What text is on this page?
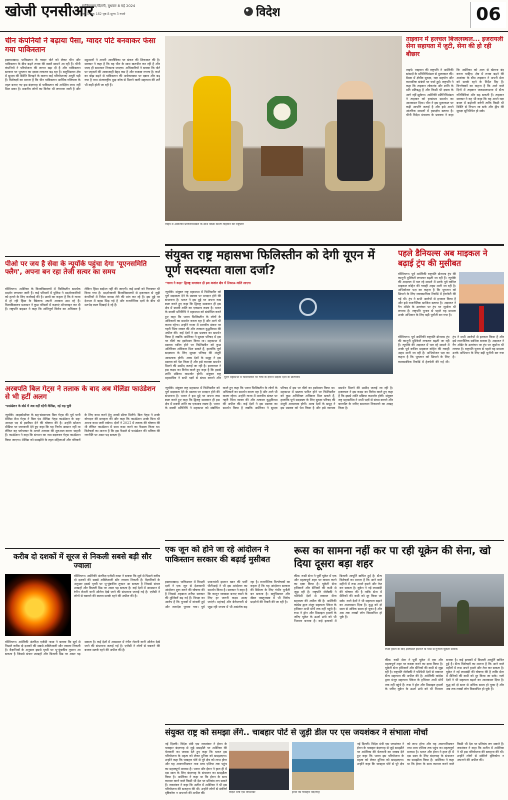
खोजी एनसीआर
गाजियाबाद/दिल्ली, बुधवार 8 मई 2024
वर्ष 3 अंक 182 पृष्ठ 8 मूल्य 3 रुपये	विदेश	06
चीन कंपनियों ने बढ़ाया पैसा, ग्वादर पोर्ट बनवाकर फंसा गया पाकिस्तान
इस्लामाबाद। पाकिस्तान के ग्वादर पोर्ट को लेकर चीन और पाकिस्तान के बीच बढ़ते तनाव की खबरें सामने आ रही हैं। चीनी कंपनियों ने परियोजना की लागत बढ़ा दी है और पाकिस्तान सरकार पर भुगतान का दबाव लगातार बढ़ रहा है। बलूचिस्तान क्षेत्र में सुरक्षा की स्थिति बिगड़ने के कारण कई परियोजनाएं अधूरी पड़ी हैं। विशेषज्ञों का मानना है कि चीन पाकिस्तान आर्थिक गलियारा के तहत बनाए गए इस बंदरगाह से पाकिस्तान को अपेक्षित लाभ नहीं मिल सका है। स्थानीय लोगों का विरोध भी लगातार जारी है और मछुआरों ने अपनी आजीविका पर संकट की शिकायत की है। सरकार ने कहा है कि वह चीन के साथ बातचीत कर रही है और जल्द ही समाधान निकाला जाएगा। अधिकारियों ने बताया कि पोर्ट पर जहाजों की आवाजाही बेहद कम है और राजस्व नगण्य है। कर्ज का बोझ बढ़ने से पाकिस्तान की अर्थव्यवस्था पर दबाव और बढ़ गया है तथा अंतरराष्ट्रीय मुद्रा कोष से मिलने वाली सहायता की शर्तें भी कड़ी होती जा रही हैं।
पीओ पर जय है सेवा के न्यूयॉर्क पहुंचा देगा 'यूएनसमिति फ्लैग', अपना बन रहा तेजी सत्यर का समय
वॉशिंगटन। अमेरिका के विश्वविद्यालयों में फिलिस्तीन समर्थक प्रदर्शन लगातार जारी हैं। कई परिसरों में पुलिस ने प्रदर्शनकारियों को हटाने के लिए कार्रवाई की है। छात्रों का कहना है कि वे गाजा में हो रही हिंसा के खिलाफ अपनी आवाज उठा रहे हैं। विश्वविद्यालय प्रशासन ने कुछ परिसरों में कक्षाएं ऑनलाइन कर दी हैं। राष्ट्रपति बाइडन ने कहा कि शांतिपूर्ण विरोध का अधिकार है लेकिन हिंसा बर्दाश्त नहीं की जाएगी। कई छात्रों को गिरफ्तार भी किया गया है। प्रदर्शनकारी विश्वविद्यालयों से इजरायल से जुड़ी कंपनियों में निवेश वापस लेने की मांग कर रहे हैं। इस मुद्दे पर देशभर में बहस छिड़ गई है और राजनीतिक दलों के बीच भी मतभेद स्पष्ट दिखाई दे रहे हैं।
अरबपति बिल गेट्स ने तलाक के बाद अब मेलिंडा फाउंडेशन से भी हटीं अलग
-फाउंडेशन के बोर्ड में अब नहीं रहेंगी मेलिंडा, नई राह चुनी
न्यूयॉर्क। माइक्रोसॉफ्ट के सह-संस्थापक बिल गेट्स की पूर्व पत्नी मेलिंडा फ्रेंच गेट्स ने बिल एंड मेलिंडा गेट्स फाउंडेशन के सह-अध्यक्ष पद से इस्तीफा देने की घोषणा की है। उन्होंने सोशल मीडिया पर जानकारी देते हुए कहा कि यह निर्णय आसान नहीं था लेकिन वह परोपकार के अगले अध्याय की शुरुआत करना चाहती हैं। फाउंडेशन ने कहा कि संगठन का नाम बदलकर गेट्स फाउंडेशन किया जाएगा। मेलिंडा को समझौते के तहत महिलाओं और परिवारों के लिए काम करने हेतु अरबों डॉलर मिलेंगे। बिल गेट्स ने उनके योगदान की सराहना की और कहा कि फाउंडेशन उनके बिना भी अपना काम जारी रखेगा। दोनों ने 2021 में तलाक की घोषणा की थी लेकिन फाउंडेशन में साथ काम करने का फैसला किया था। विशेषज्ञों का मानना है कि इस फैसले से फाउंडेशन की भविष्य की रणनीति पर असर पड़ सकता है।
करीब दो दशकों में सूरज से निकली सबसे बड़ी सौर ज्वाला
वॉशिंगटन। अमेरिकी अंतरिक्ष एजेंसी नासा ने बताया कि सूर्य से पिछले करीब दो दशकों की सबसे शक्तिशाली सौर ज्वाला निकली है। वैज्ञानिकों के अनुसार इससे पृथ्वी पर भू-चुंबकीय तूफान आ सकता है जिससे संचार उपग्रहों और बिजली ग्रिड पर असर पड़ सकता है। कई देशों में आसमान में रंगीन रोशनी यानी ऑरोरा देखे जाने की संभावना जताई गई है। एजेंसी ने लोगों से घबराने की बजाय सतर्क रहने की अपील की है।
वॉशिंगटन। अमेरिकी अंतरिक्ष एजेंसी नासा ने बताया कि सूर्य से पिछले करीब दो दशकों की सबसे शक्तिशाली सौर ज्वाला निकली है। वैज्ञानिकों के अनुसार इससे पृथ्वी पर भू-चुंबकीय तूफान आ सकता है जिससे संचार उपग्रहों और बिजली ग्रिड पर असर पड़ सकता है। कई देशों में आसमान में रंगीन रोशनी यानी ऑरोरा देखे जाने की संभावना जताई गई है। एजेंसी ने लोगों से घबराने की बजाय सतर्क रहने की अपील की है।
ताइपे में अमेरिकी प्रतिनिधिमंडल के साथ बैठक करतीं ताइवान की राष्ट्रपति
ताइवान में हलचल बिजलस्थल... इजरायली सेना सहायता में जुटी, सेना की हो रही बौछार
ताइपे। ताइवान की राष्ट्रपति ने अमेरिकी सांसदों के प्रतिनिधिमंडल से मुलाकात की। बैठक में क्षेत्रीय सुरक्षा, रक्षा सहयोग और व्यापारिक संबंधों पर चर्चा हुई। राष्ट्रपति ने कहा कि ताइवान लोकतंत्र और शांति के प्रति प्रतिबद्ध है और किसी भी दबाव के आगे नहीं झुकेगा। अमेरिकी प्रतिनिधिमंडल ने ताइवान को हरसंभव समर्थन का आश्वासन दिया। चीन ने इस मुलाकात पर कड़ी आपत्ति जताई है और इसे अपने आंतरिक मामलों में हस्तक्षेप बताया है। चीनी विदेश मंत्रालय के प्रवक्ता ने कहा कि अमेरिका को आग से खेलना बंद करना चाहिए। क्षेत्र में तनाव बढ़ने की आशंका के बीच ताइवान ने अपनी सेना को सतर्क रहने के निर्देश दिए हैं। विश्लेषकों का कहना है कि आने वाले दिनों में ताइवान जलडमरूमध्य में सैन्य गतिविधियां और बढ़ सकती हैं। ताइवान सरकार ने यह भी कहा कि वह अपने रक्षा बजट में बढ़ोतरी करेगी ताकि किसी भी स्थिति से निपटा जा सके और द्वीप की सुरक्षा सुनिश्चित हो सके।
संयुक्त राष्ट्र महासभा फिलिस्तीन को देगी यूएन में पूर्ण सदस्यता वाला दर्जा?
-भारत ने कहा- द्विराष्ट्र समाधान ही इस अशांत क्षेत्र में टिकाऊ शांति लाएगा
न्यूयॉर्क। संयुक्त राष्ट्र महासभा में फिलिस्तीन को पूर्ण सदस्यता देने के प्रस्ताव पर मतदान होने की संभावना है। भारत ने इस मुद्दे पर अपना रुख स्पष्ट करते हुए कहा कि द्विराष्ट्र समाधान ही इस क्षेत्र में स्थायी शांति का एकमात्र रास्ता है। भारत के स्थायी प्रतिनिधि ने महासभा को संबोधित करते हुए कहा कि भारत फिलिस्तीन के लोगों के अधिकारों का समर्थन करता रहा है और आगे भी करता रहेगा। उन्होंने गाजा में मानवीय संकट पर गहरी चिंता व्यक्त की और तत्काल युद्धविराम की अपील की। कई देशों ने इस प्रस्ताव का समर्थन किया है जबकि अमेरिका ने सुरक्षा परिषद में इस पर वीटो का इस्तेमाल किया था। महासभा में प्रस्ताव पारित होने पर फिलिस्तीन को कुछ अतिरिक्त अधिकार मिल सकते हैं, हालांकि पूर्ण सदस्यता के लिए सुरक्षा परिषद की मंजूरी आवश्यक होगी। अरब देशों के समूह ने इस प्रस्ताव को पेश किया है और इसे व्यापक समर्थन मिलने की उम्मीद जताई जा रही है। इजरायल ने इस कदम का विरोध करते हुए कहा है कि इससे शांति प्रक्रिया कमजोर होगी। संयुक्त राष्ट्र महासचिव ने सभी पक्षों से संयम बरतने और यूएन महासभा में फिलिस्तीन पर चर्चा के दौरान सदस्य देशों के प्रतिनिधि
न्यूयॉर्क। संयुक्त राष्ट्र महासभा में फिलिस्तीन को पूर्ण सदस्यता देने के प्रस्ताव पर मतदान होने की संभावना है। भारत ने इस मुद्दे पर अपना रुख स्पष्ट करते हुए कहा कि द्विराष्ट्र समाधान ही इस क्षेत्र में स्थायी शांति का एकमात्र रास्ता है। भारत के स्थायी प्रतिनिधि ने महासभा को संबोधित करते हुए कहा कि भारत फिलिस्तीन के लोगों के अधिकारों का समर्थन करता रहा है और आगे भी करता रहेगा। उन्होंने गाजा में मानवीय संकट पर गहरी चिंता व्यक्त की और तत्काल युद्धविराम की अपील की। कई देशों ने इस प्रस्ताव का समर्थन किया है जबकि अमेरिका ने सुरक्षा परिषद में इस पर वीटो का इस्तेमाल किया था। महासभा में प्रस्ताव पारित होने पर फिलिस्तीन को कुछ अतिरिक्त अधिकार मिल सकते हैं, हालांकि पूर्ण सदस्यता के लिए सुरक्षा परिषद की मंजूरी आवश्यक होगी। अरब देशों के समूह ने इस प्रस्ताव को पेश किया है और इसे व्यापक समर्थन मिलने की उम्मीद जताई जा रही है। इजरायल ने इस कदम का विरोध करते हुए कहा है कि इससे शांति प्रक्रिया कमजोर होगी। संयुक्त राष्ट्र महासचिव ने सभी पक्षों से संयम बरतने और बातचीत के जरिए समाधान निकालने का आग्रह किया है।
पहले डैनियल्स अब माइकल ने बढ़ाई ट्रंप की मुसीबत
वॉशिंगटन। पूर्व अमेरिकी राष्ट्रपति डोनाल्ड ट्रंप की कानूनी मुश्किलें लगातार बढ़ती जा रही हैं। न्यूयॉर्क की अदालत में चल रहे मामले में उनके पूर्व वकील माइकल कोहेन की गवाही अहम मानी जा रही है। अभियोजन पक्ष का कहना है कि भुगतान को छिपाने के लिए व्यावसायिक रिकॉर्ड में हेराफेरी की गई थी। ट्रंप ने सभी आरोपों से इनकार किया है और इसे राजनीतिक साजिश बताया है। अदालत ने गैग ऑर्डर के उल्लंघन पर ट्रंप पर जुर्माना भी लगाया है। राष्ट्रपति चुनाव से पहले यह मामला उनके अभियान के लिए बड़ी चुनौती बन गया है।
वॉशिंगटन। पूर्व अमेरिकी राष्ट्रपति डोनाल्ड ट्रंप की कानूनी मुश्किलें लगातार बढ़ती जा रही हैं। न्यूयॉर्क की अदालत में चल रहे मामले में उनके पूर्व वकील माइकल कोहेन की गवाही अहम मानी जा रही है। अभियोजन पक्ष का कहना है कि भुगतान को छिपाने के लिए व्यावसायिक रिकॉर्ड में हेराफेरी की गई थी। ट्रंप ने सभी आरोपों से इनकार किया है और इसे राजनीतिक साजिश बताया है। अदालत ने गैग ऑर्डर के उल्लंघन पर ट्रंप पर जुर्माना भी लगाया है। राष्ट्रपति चुनाव से पहले यह मामला उनके अभियान के लिए बड़ी चुनौती बन गया है।
एक जून को होने जा रहे आंदोलन ने पाकिस्तान सरकार की बढ़ाई मुसीबत
इस्लामाबाद। पाकिस्तान में विपक्षी दलों ने एक जून से देशव्यापी आंदोलन शुरू करने की घोषणा की है जिससे शहबाज शरीफ सरकार की मुश्किलें बढ़ गई हैं। विपक्ष का आरोप है कि चुनावों में धांधली हुई और जनादेश चुराया गया। पूर्व प्रधानमंत्री इमरान खान की पार्टी पीटीआई ने भी इस आंदोलन का समर्थन किया है। सरकार ने कहा है कि कानून व्यवस्था बनाए रखने के लिए हर जरूरी कदम उठाए जाएंगे। महंगाई और बेरोजगारी से जूझ रही जनता में भी असंतोष बढ़ रहा है। राजनीतिक विश्लेषकों का कहना है कि यह आंदोलन सरकार की स्थिरता के लिए गंभीर चुनौती बन सकता है। बलूचिस्तान और खैबर पख्तूनख्वा में भी विरोध प्रदर्शनों की तैयारी की जा रही है।
रूस का सामना नहीं कर पा रही यूक्रेन की सेना, खो दिया दूसरा बड़ा शहर
कीव। रूसी सेना ने पूर्वी यूक्रेन में एक और महत्वपूर्ण शहर पर कब्जा करने का दावा किया है। यूक्रेनी सेना हथियारों और सैनिकों की कमी से जूझ रही है। राष्ट्रपति जेलेंस्की ने पश्चिमी देशों से तत्काल सैन्य सहायता की अपील की है। अमेरिकी कांग्रेस द्वारा मंजूर सहायता पैकेज के हथियार अभी मोर्चे तक नहीं पहुंचे हैं। रूस ने ड्रोन और मिसाइल हमलों के जरिए यूक्रेन के ऊर्जा ढांचे को भी निशाना बनाया है। कई इलाकों में बिजली आपूर्ति बाधित हुई है। सैन्य विशेषज्ञों का मानना है कि आने वाले महीनों में रूस अपने हमले और तेज कर सकता है। यूक्रेन ने नई लामबंदी की घोषणा की है ताकि सेना में सैनिकों की कमी को दूर किया जा सके। नाटो देशों ने भी सहायता बढ़ाने का आश्वासन दिया है। युद्ध को दो साल से अधिक समय हो चुका है और अब तक लाखों लोग विस्थापित हो चुके हैं।
रूसी हमले के बाद क्षतिग्रस्त इमारत के पास से गुजरते यूक्रेनी सैनिक
कीव। रूसी सेना ने पूर्वी यूक्रेन में एक और महत्वपूर्ण शहर पर कब्जा करने का दावा किया है। यूक्रेनी सेना हथियारों और सैनिकों की कमी से जूझ रही है। राष्ट्रपति जेलेंस्की ने पश्चिमी देशों से तत्काल सैन्य सहायता की अपील की है। अमेरिकी कांग्रेस द्वारा मंजूर सहायता पैकेज के हथियार अभी मोर्चे तक नहीं पहुंचे हैं। रूस ने ड्रोन और मिसाइल हमलों के जरिए यूक्रेन के ऊर्जा ढांचे को भी निशाना बनाया है। कई इलाकों में बिजली आपूर्ति बाधित हुई है। सैन्य विशेषज्ञों का मानना है कि आने वाले महीनों में रूस अपने हमले और तेज कर सकता है। यूक्रेन ने नई लामबंदी की घोषणा की है ताकि सेना में सैनिकों की कमी को दूर किया जा सके। नाटो देशों ने भी सहायता बढ़ाने का आश्वासन दिया है। युद्ध को दो साल से अधिक समय हो चुका है और अब तक लाखों लोग विस्थापित हो चुके हैं।
संयुक्त राष्ट्र को समझा लेंगे.. चाबहार पोर्ट से जुड़ी डील पर एस जयशंकर ने संभाला मोर्चा
नई दिल्ली। विदेश मंत्री एस जयशंकर ने ईरान के चाबहार बंदरगाह से जुड़े समझौते पर अमेरिका की चेतावनी का जवाब देते हुए कहा कि भारत इस परियोजना के महत्व को लेकर दुनिया को समझाएगा। उन्होंने कहा कि चाबहार पोर्ट से पूरे क्षेत्र को लाभ होगा और यह अफगानिस्तान तथा मध्य एशिया तक पहुंच का महत्वपूर्ण माध्यम है। भारत और ईरान ने हाल ही में दस साल के लिए बंदरगाह के संचालन का समझौता किया है। अमेरिका ने कहा था कि ईरान के साथ व्यापार करने वाले किसी भी देश पर प्रतिबंध लग सकते हैं। जयशंकर ने कहा कि अतीत में अमेरिका ने भी इस परियोजना की सराहना की थी। उन्होंने लोगों से संकीर्ण दृष्टिकोण न अपनाने की अपील की।	विदेश मंत्री एस जयशंकर	ईरान का चाबहार बंदरगाह
नई दिल्ली। विदेश मंत्री एस जयशंकर ने ईरान के चाबहार बंदरगाह से जुड़े समझौते पर अमेरिका की चेतावनी का जवाब देते हुए कहा कि भारत इस परियोजना के महत्व को लेकर दुनिया को समझाएगा। उन्होंने कहा कि चाबहार पोर्ट से पूरे क्षेत्र को लाभ होगा और यह अफगानिस्तान तथा मध्य एशिया तक पहुंच का महत्वपूर्ण माध्यम है। भारत और ईरान ने हाल ही में दस साल के लिए बंदरगाह के संचालन का समझौता किया है। अमेरिका ने कहा था कि ईरान के साथ व्यापार करने वाले किसी भी देश पर प्रतिबंध लग सकते हैं। जयशंकर ने कहा कि अतीत में अमेरिका ने भी इस परियोजना की सराहना की थी। उन्होंने लोगों से संकीर्ण दृष्टिकोण न अपनाने की अपील की।
